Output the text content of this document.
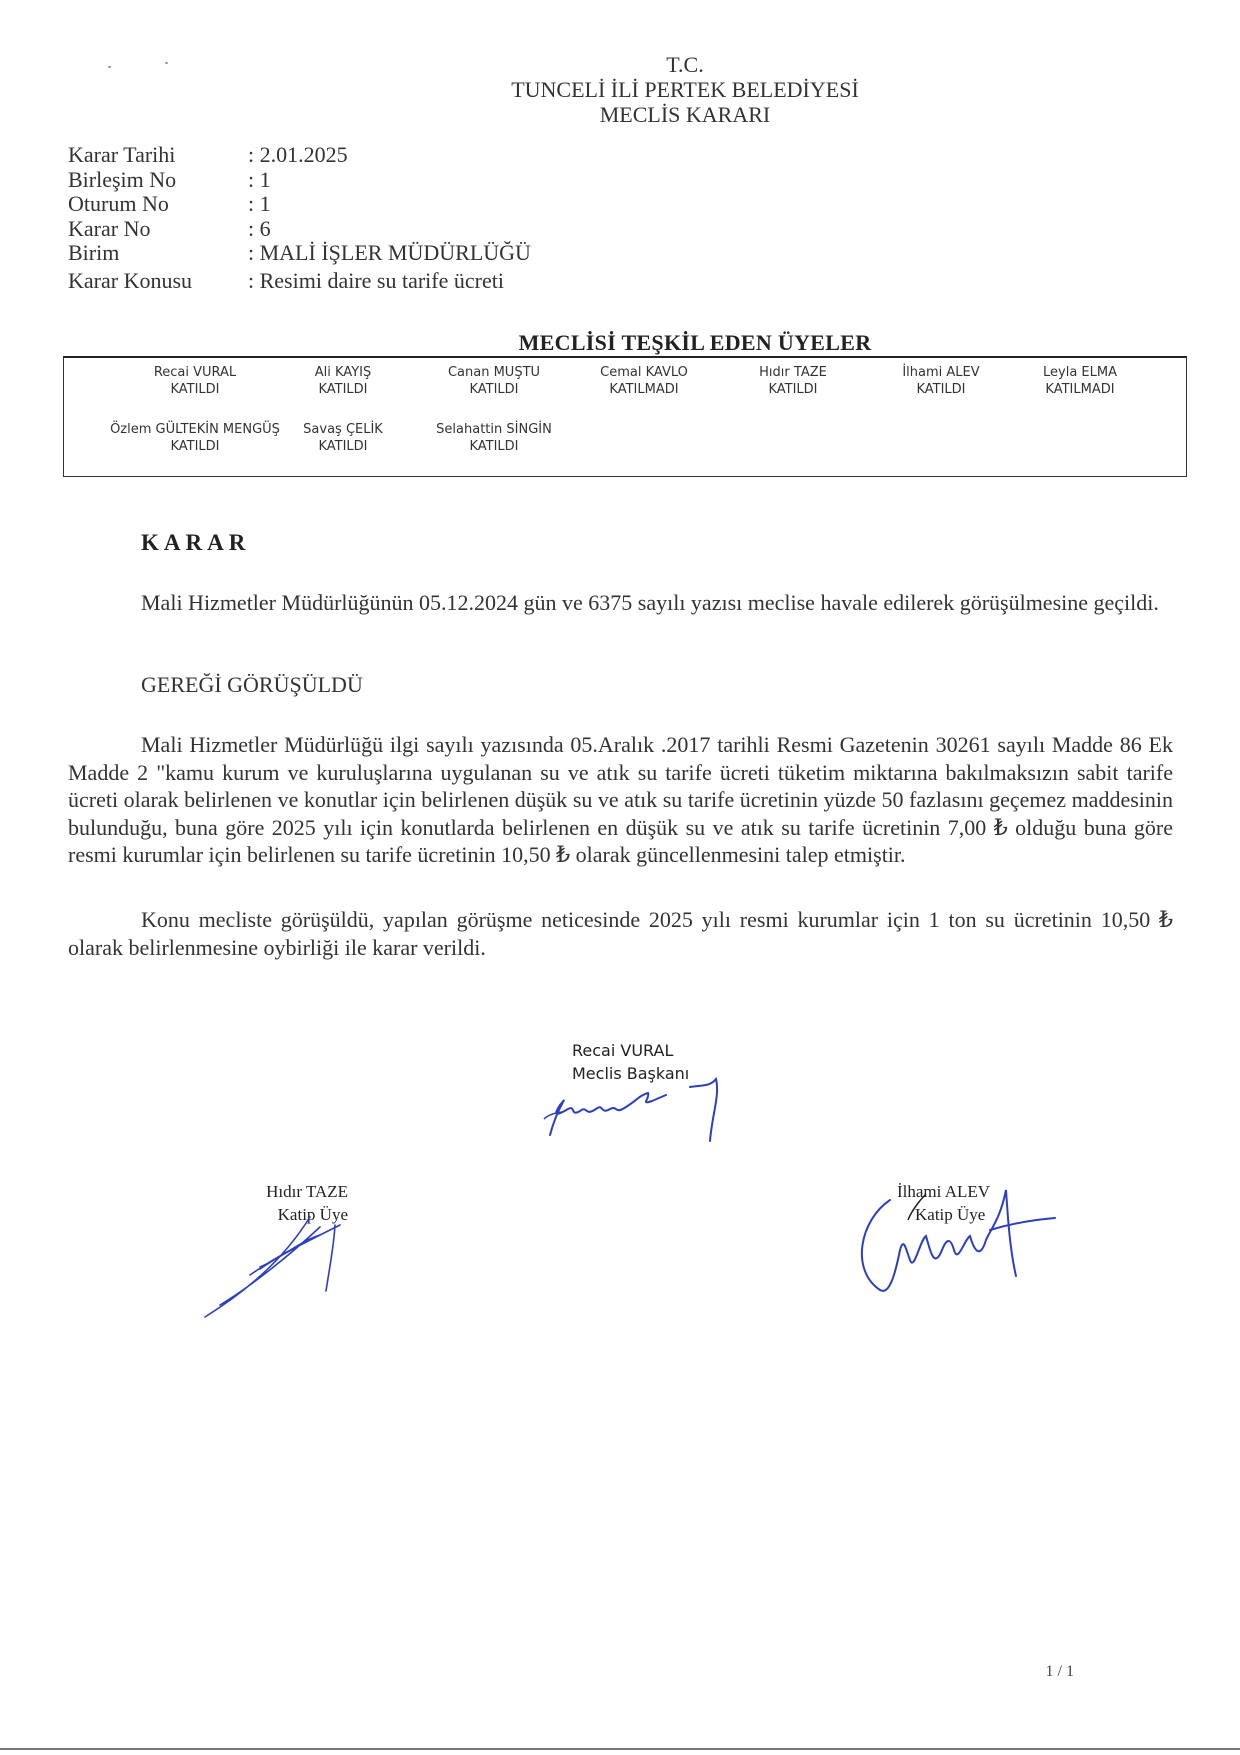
T.C.
TUNCELİ İLİ PERTEK BELEDİYESİ
MECLİS KARARI
Karar Tarihi	: 2.01.2025
Birleşim No	: 1
Oturum No	: 1
Karar No	: 6
Birim	: MALİ İŞLER MÜDÜRLÜĞÜ
Karar Konusu	: Resimi daire su tarife ücreti
MECLİSİ TEŞKİL EDEN ÜYELER
Recai VURAL
KATILDI
Ali KAYIŞ
KATILDI
Canan MUŞTU
KATILDI
Cemal KAVLO
KATILMADI
Hıdır TAZE
KATILDI
İlhami ALEV
KATILDI
Leyla ELMA
KATILMADI
Özlem GÜLTEKİN MENGÜŞ
KATILDI
Savaş ÇELİK
KATILDI
Selahattin SİNGİN
KATILDI
KARAR
Mali Hizmetler Müdürlüğünün 05.12.2024 gün ve 6375 sayılı yazısı meclise havale edilerek görüşülmesine geçildi.
GEREĞİ GÖRÜŞÜLDÜ
Mali Hizmetler Müdürlüğü ilgi sayılı yazısında 05.Aralık .2017 tarihli Resmi Gazetenin 30261 sayılı Madde 86 Ek Madde 2 "kamu kurum ve kuruluşlarına uygulanan su ve atık su tarife ücreti tüketim miktarına bakılmaksızın sabit tarife ücreti olarak belirlenen ve konutlar için belirlenen düşük su ve atık su tarife ücretinin yüzde 50 fazlasını geçemez maddesinin bulunduğu, buna göre 2025 yılı için konutlarda belirlenen en düşük su ve atık su tarife ücretinin 7,00 ₺ olduğu buna göre resmi kurumlar için belirlenen su tarife ücretinin 10,50 ₺ olarak güncellenmesini talep etmiştir.
Konu mecliste görüşüldü, yapılan görüşme neticesinde 2025 yılı resmi kurumlar için 1 ton su ücretinin 10,50 ₺ olarak belirlenmesine oybirliği ile karar verildi.
Recai VURAL
Meclis Başkanı
Hıdır TAZE
Katip Üye
İlhami ALEV
Katip Üye
1 / 1
